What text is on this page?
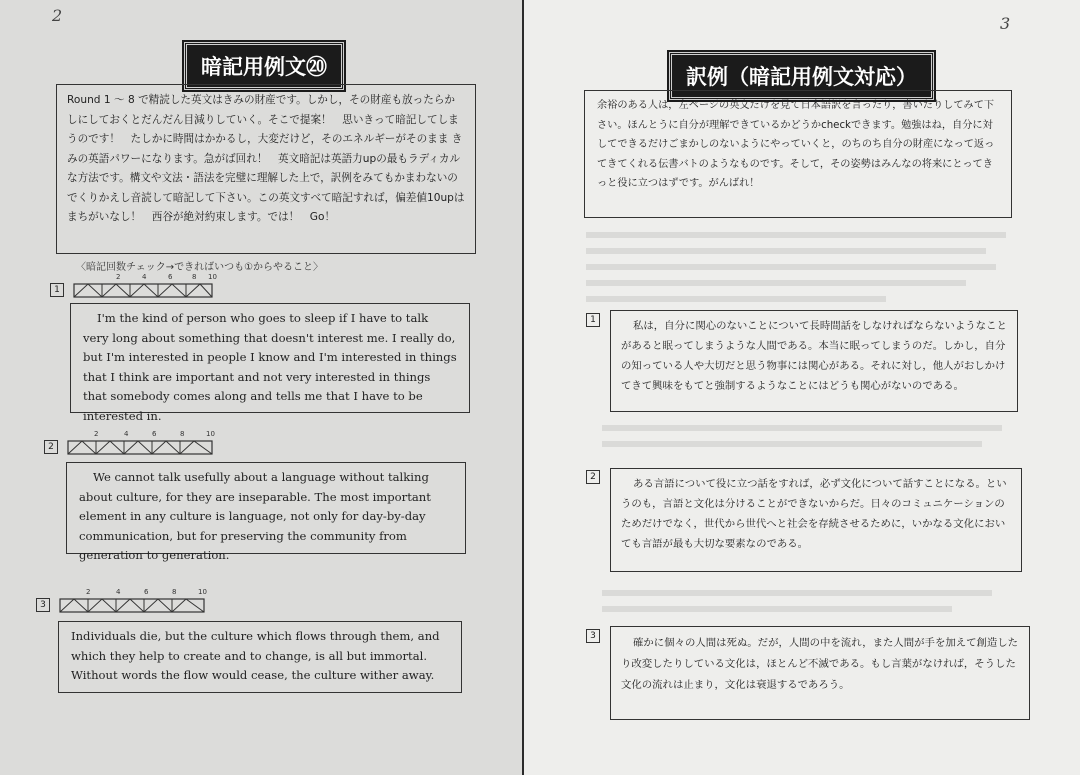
2
暗記用例文⑳

Round 1 ～ 8 で精読した英文はきみの財産です。しかし，その財産も放ったらかしにしておくとだんだん目減りしていく。そこで提案！　思いきって暗記してしまうのです！　たしかに時間はかかるし，大変だけど，そのエネルギーがそのまま きみの英語パワーになります。急がば回れ！　英文暗記は英語力upの最もラディカルな方法です。構文や文法・語法を完璧に理解した上で，訳例をみてもかまわないのでくりかえし音読して暗記して下さい。この英文すべて暗記すれば，偏差値10upはまちがいなし！　西谷が絶対約束します。では！　Go！

〈暗記回数チェック→できればいつも①からやること〉
1
2	4	6	8 10

I'm the kind of person who goes to sleep if I have to talk very long about something that doesn't interest me. I really do, but I'm interested in people I know and I'm interested in things that I think are important and not very interested in things that somebody comes along and tells me that I have to be interested in.

2
2	4	6	8	10

We cannot talk usefully about a language without talking about culture, for they are inseparable. The most important element in any culture is language, not only for day-by-day communication, but for preserving the community from generation to generation.

3
2	4	6	8	10

Individuals die, but the culture which flows through them, and which they help to create and to change, is all but immortal. Without words the flow would cease, the culture wither away.

3
訳例（暗記用例文対応）

余裕のある人は，左ページの英文だけを見て日本語訳を言ったり，書いたりしてみて下さい。ほんとうに自分が理解できているかどうかcheckできます。勉強はね，自分に対してできるだけごまかしのないようにやっていくと，のちのち自分の財産になって返ってきてくれる伝書バトのようなものです。そして，その姿勢はみんなの将来にとってきっと役に立つはずです。がんばれ！

1	私は，自分に関心のないことについて長時間話をしなければならないようなことがあると眠ってしまうような人間である。本当に眠ってしまうのだ。しかし，自分の知っている人や大切だと思う物事には関心がある。それに対し，他人がおしかけてきて興味をもてと強制するようなことにはどうも関心がないのである。

2

ある言語について役に立つ話をすれば，必ず文化について話すことになる。というのも，言語と文化は分けることができないからだ。日々のコミュニケーションのためだけでなく，世代から世代へと社会を存続させるために，いかなる文化においても言語が最も大切な要素なのである。

3

確かに個々の人間は死ぬ。だが，人間の中を流れ，また人間が手を加えて創造したり改変したりしている文化は，ほとんど不滅である。もし言葉がなければ，そうした文化の流れは止まり，文化は衰退するであろう。
